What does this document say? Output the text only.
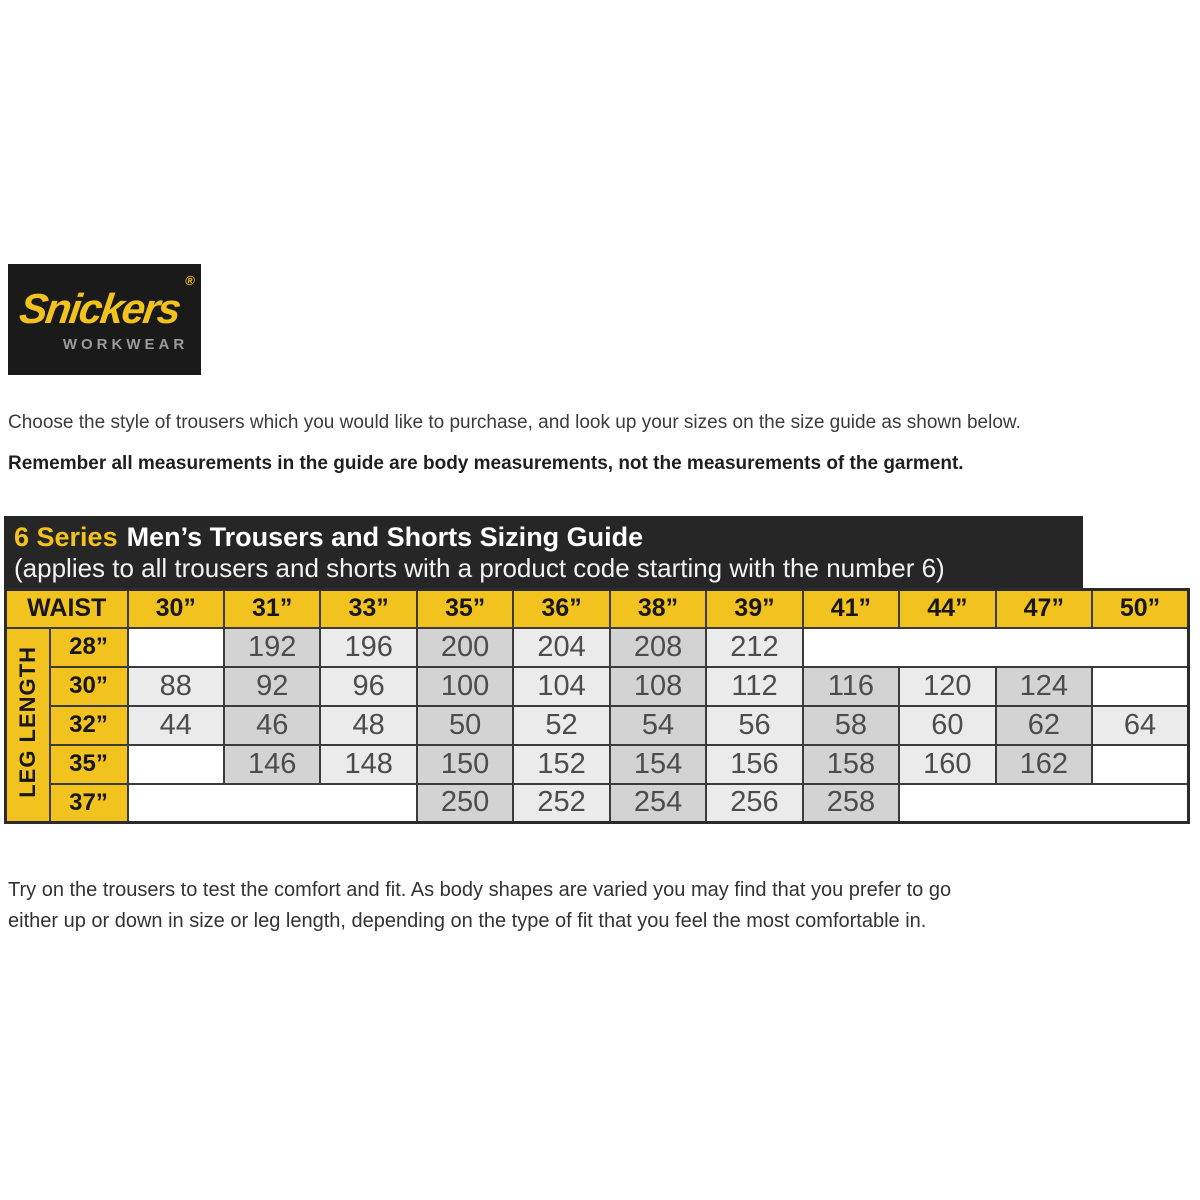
Snickers®
WORKWEAR
Choose the style of trousers which you would like to purchase, and look up your sizes on the size guide as shown below.
Remember all measurements in the guide are body measurements, not the measurements of the garment.
6 Series Men’s Trousers and Shorts Sizing Guide
(applies to all trousers and shorts with a product code starting with the number 6)
WAIST		30”	31”	33”	35”	36”	38”	39”	41”	44”	47”	50”
LEG LENGTH	28”		192	196	200	204	208	212				
	30”	88	92	96	100	104	108	112	116	120	124	
	32”	44	46	48	50	52	54	56	58	60	62	64
	35”		146	148	150	152	154	156	158	160	162	
	37”				250	252	254	256	258			
Try on the trousers to test the comfort and fit. As body shapes are varied you may find that you prefer to go
either up or down in size or leg length, depending on the type of fit that you feel the most comfortable in.
